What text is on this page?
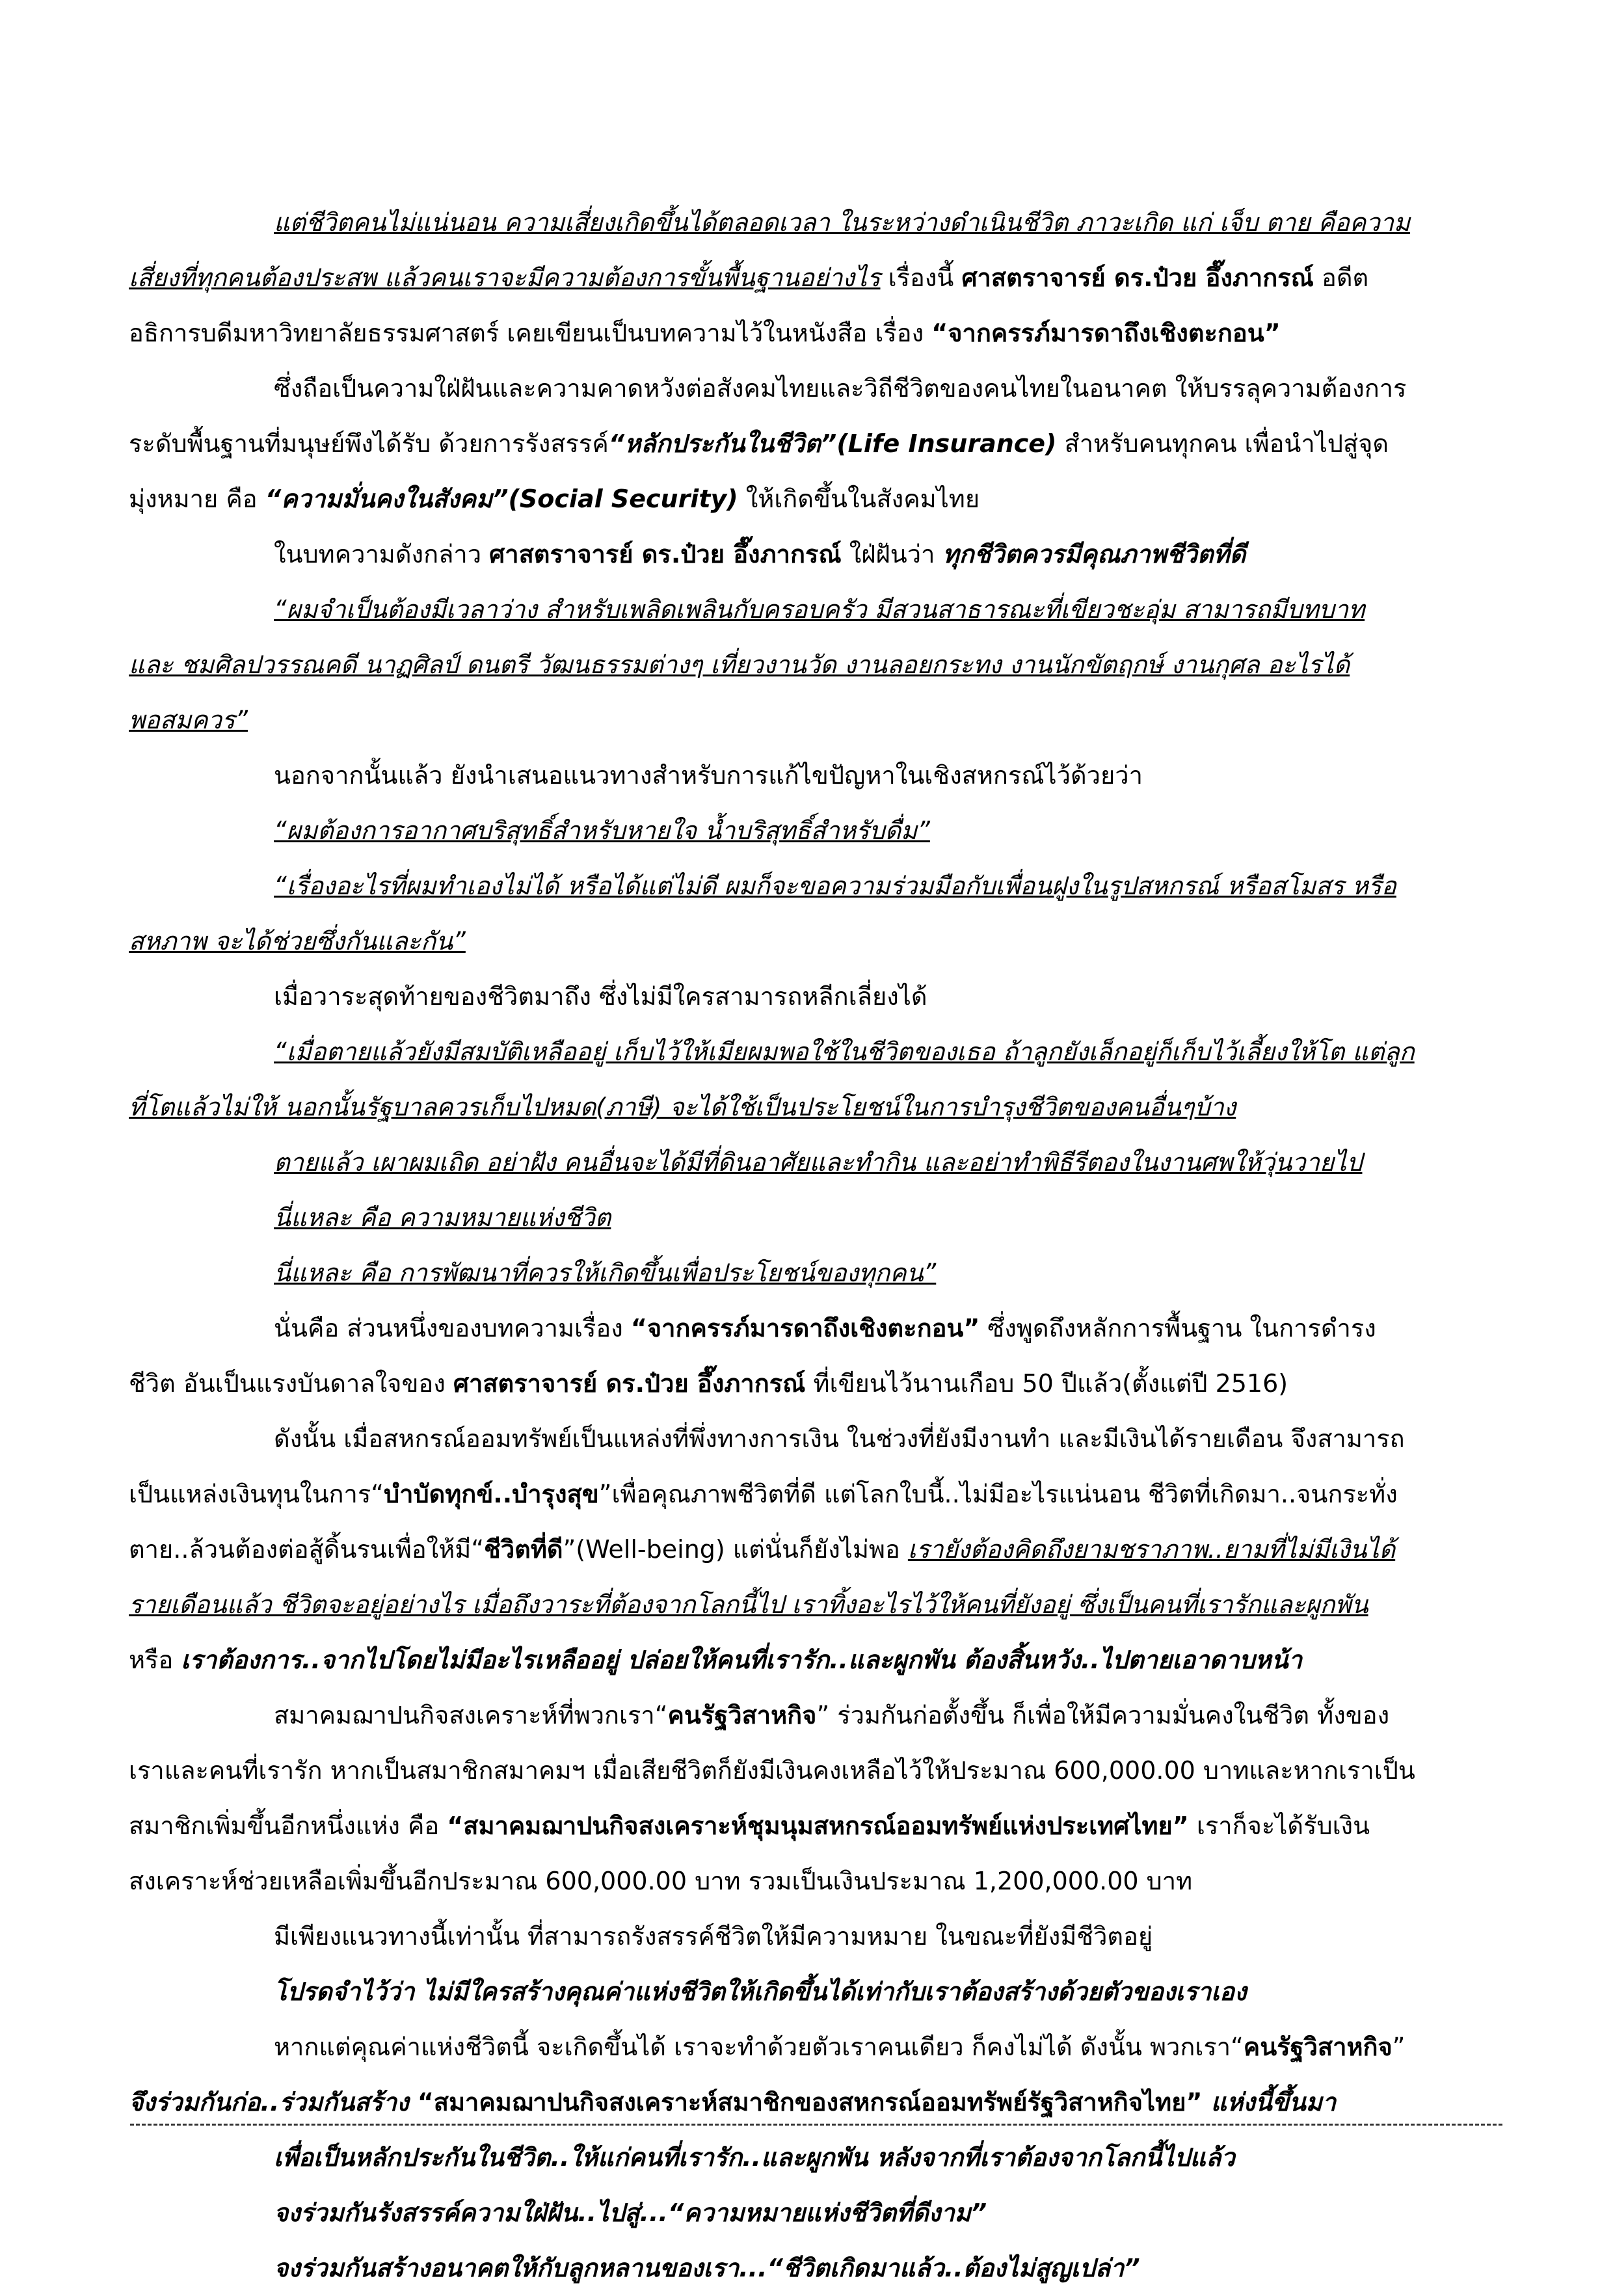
แต่ชีวิตคนไม่แน่นอน ความเสี่ยงเกิดขึ้นได้ตลอดเวลา ในระหว่างดำเนินชีวิต ภาวะเกิด แก่ เจ็บ ตาย คือความ
เสี่ยงที่ทุกคนต้องประสพ แล้วคนเราจะมีความต้องการขั้นพื้นฐานอย่างไร เรื่องนี้ ศาสตราจารย์ ดร.ป๋วย อึ๊งภากรณ์ อดีต
อธิการบดีมหาวิทยาลัยธรรมศาสตร์ เคยเขียนเป็นบทความไว้ในหนังสือ เรื่อง “จากครรภ์มารดาถึงเชิงตะกอน”
ซึ่งถือเป็นความใฝ่ฝันและความคาดหวังต่อสังคมไทยและวิถีชีวิตของคนไทยในอนาคต ให้บรรลุความต้องการ
ระดับพื้นฐานที่มนุษย์พึงได้รับ ด้วยการรังสรรค์“หลักประกันในชีวิต”(Life Insurance) สำหรับคนทุกคน เพื่อนำไปสู่จุด
มุ่งหมาย คือ “ความมั่นคงในสังคม”(Social Security) ให้เกิดขึ้นในสังคมไทย
ในบทความดังกล่าว ศาสตราจารย์ ดร.ป๋วย อึ๊งภากรณ์ ใฝ่ฝันว่า ทุกชีวิตควรมีคุณภาพชีวิตที่ดี
“ผมจำเป็นต้องมีเวลาว่าง สำหรับเพลิดเพลินกับครอบครัว มีสวนสาธารณะที่เขียวชะอุ่ม สามารถมีบทบาท
และ ชมศิลปวรรณคดี นาฏศิลป์ ดนตรี วัฒนธรรมต่างๆ เที่ยวงานวัด งานลอยกระทง งานนักขัตฤกษ์ งานกุศล อะไรได้
พอสมควร”
นอกจากนั้นแล้ว ยังนำเสนอแนวทางสำหรับการแก้ไขปัญหาในเชิงสหกรณ์ไว้ด้วยว่า
“ผมต้องการอากาศบริสุทธิ์สำหรับหายใจ น้ำบริสุทธิ์สำหรับดื่ม”
“เรื่องอะไรที่ผมทำเองไม่ได้ หรือได้แต่ไม่ดี ผมก็จะขอความร่วมมือกับเพื่อนฝูงในรูปสหกรณ์ หรือสโมสร หรือ
สหภาพ จะได้ช่วยซึ่งกันและกัน”
เมื่อวาระสุดท้ายของชีวิตมาถึง ซึ่งไม่มีใครสามารถหลีกเลี่ยงได้
“เมื่อตายแล้วยังมีสมบัติเหลืออยู่ เก็บไว้ให้เมียผมพอใช้ในชีวิตของเธอ ถ้าลูกยังเล็กอยู่ก็เก็บไว้เลี้ยงให้โต แต่ลูก
ที่โตแล้วไม่ให้ นอกนั้นรัฐบาลควรเก็บไปหมด(ภาษี) จะได้ใช้เป็นประโยชน์ในการบำรุงชีวิตของคนอื่นๆบ้าง
ตายแล้ว เผาผมเถิด อย่าฝัง คนอื่นจะได้มีที่ดินอาศัยและทำกิน และอย่าทำพิธีรีตองในงานศพให้วุ่นวายไป
นี่แหละ คือ ความหมายแห่งชีวิต
นี่แหละ คือ การพัฒนาที่ควรให้เกิดขึ้นเพื่อประโยชน์ของทุกคน”
นั่นคือ ส่วนหนึ่งของบทความเรื่อง “จากครรภ์มารดาถึงเชิงตะกอน” ซึ่งพูดถึงหลักการพื้นฐาน ในการดำรง
ชีวิต อันเป็นแรงบันดาลใจของ ศาสตราจารย์ ดร.ป๋วย อึ๊งภากรณ์ ที่เขียนไว้นานเกือบ 50 ปีแล้ว(ตั้งแต่ปี 2516)
ดังนั้น เมื่อสหกรณ์ออมทรัพย์เป็นแหล่งที่พึ่งทางการเงิน ในช่วงที่ยังมีงานทำ และมีเงินได้รายเดือน จึงสามารถ
เป็นแหล่งเงินทุนในการ“บำบัดทุกข์..บำรุงสุข”เพื่อคุณภาพชีวิตที่ดี แต่โลกใบนี้..ไม่มีอะไรแน่นอน ชีวิตที่เกิดมา..จนกระทั่ง
ตาย..ล้วนต้องต่อสู้ดิ้นรนเพื่อให้มี“ชีวิตที่ดี”(Well-being) แต่นั่นก็ยังไม่พอ เรายังต้องคิดถึงยามชราภาพ..ยามที่ไม่มีเงินได้
รายเดือนแล้ว ชีวิตจะอยู่อย่างไร เมื่อถึงวาระที่ต้องจากโลกนี้ไป เราทิ้งอะไรไว้ให้คนที่ยังอยู่ ซึ่งเป็นคนที่เรารักและผูกพัน
หรือ เราต้องการ..จากไปโดยไม่มีอะไรเหลืออยู่ ปล่อยให้คนที่เรารัก..และผูกพัน ต้องสิ้นหวัง..ไปตายเอาดาบหน้า
สมาคมฌาปนกิจสงเคราะห์ที่พวกเรา“คนรัฐวิสาหกิจ” ร่วมกันก่อตั้งขึ้น ก็เพื่อให้มีความมั่นคงในชีวิต ทั้งของ
เราและคนที่เรารัก หากเป็นสมาชิกสมาคมฯ เมื่อเสียชีวิตก็ยังมีเงินคงเหลือไว้ให้ประมาณ 600,000.00 บาทและหากเราเป็น
สมาชิกเพิ่มขึ้นอีกหนึ่งแห่ง คือ “สมาคมฌาปนกิจสงเคราะห์ชุมนุมสหกรณ์ออมทรัพย์แห่งประเทศไทย” เราก็จะได้รับเงิน
สงเคราะห์ช่วยเหลือเพิ่มขึ้นอีกประมาณ 600,000.00 บาท รวมเป็นเงินประมาณ 1,200,000.00 บาท
มีเพียงแนวทางนี้เท่านั้น ที่สามารถรังสรรค์ชีวิตให้มีความหมาย ในขณะที่ยังมีชีวิตอยู่
โปรดจำไว้ว่า ไม่มีใครสร้างคุณค่าแห่งชีวิตให้เกิดขึ้นได้เท่ากับเราต้องสร้างด้วยตัวของเราเอง
หากแต่คุณค่าแห่งชีวิตนี้ จะเกิดขึ้นได้ เราจะทำด้วยตัวเราคนเดียว ก็คงไม่ได้ ดังนั้น พวกเรา“คนรัฐวิสาหกิจ”
จึงร่วมกันก่อ..ร่วมกันสร้าง “สมาคมฌาปนกิจสงเคราะห์สมาชิกของสหกรณ์ออมทรัพย์รัฐวิสาหกิจไทย” แห่งนี้ขึ้นมา
เพื่อเป็นหลักประกันในชีวิต..ให้แก่คนที่เรารัก..และผูกพัน หลังจากที่เราต้องจากโลกนี้ไปแล้ว
จงร่วมกันรังสรรค์ความใฝ่ฝัน..ไปสู่...“ความหมายแห่งชีวิตที่ดีงาม”
จงร่วมกันสร้างอนาคตให้กับลูกหลานของเรา...“ชีวิตเกิดมาแล้ว..ต้องไม่สูญเปล่า”
